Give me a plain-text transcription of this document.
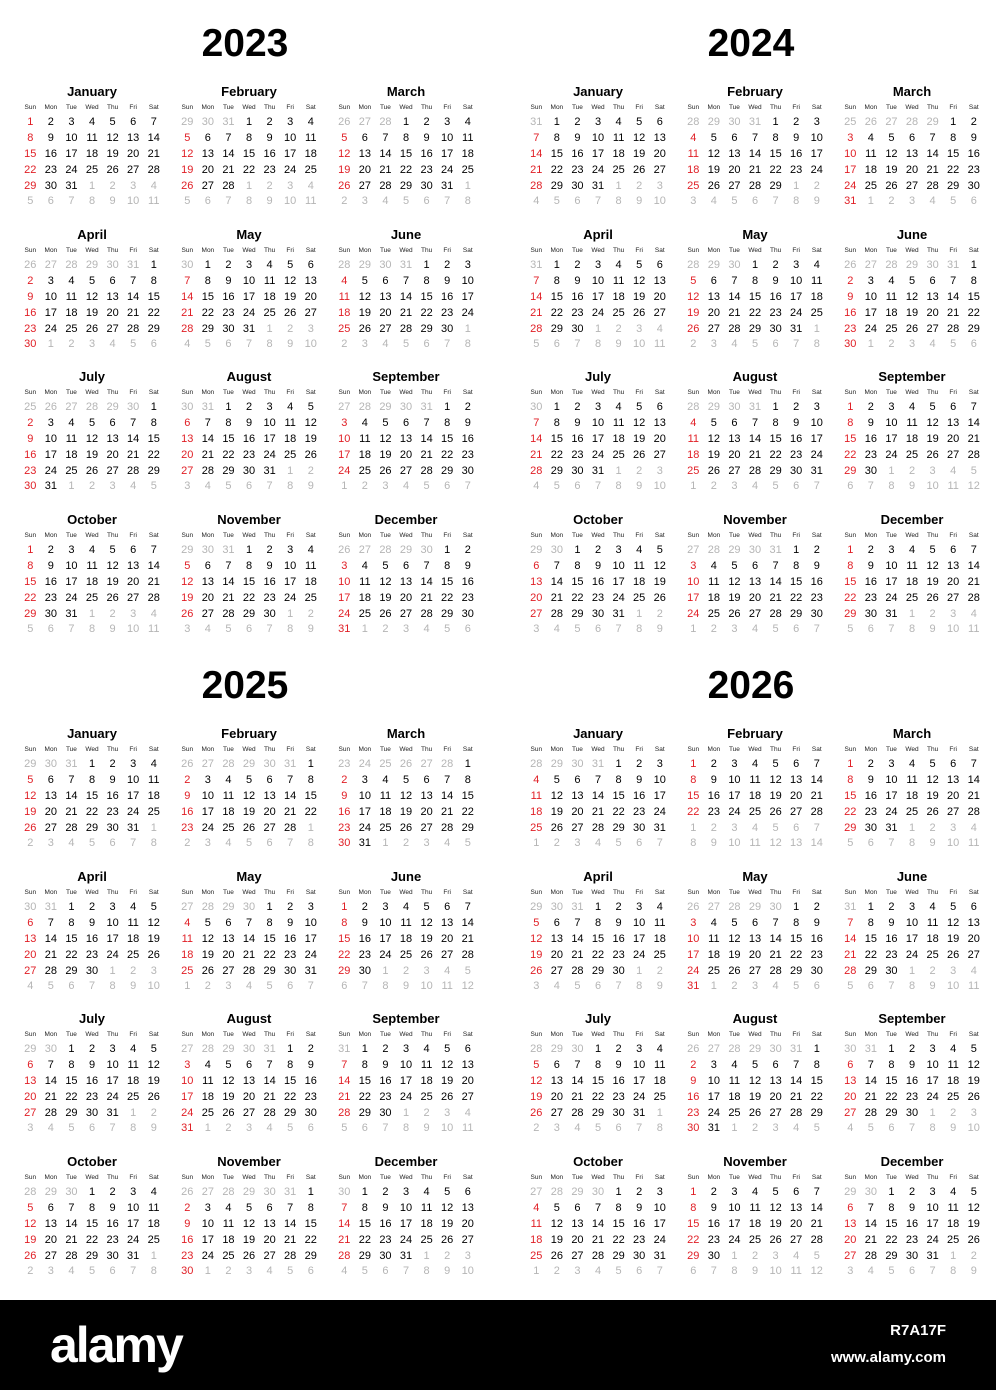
2023
January
Sun	Mon	Tue	Wed	Thu	Fri	Sat
1	2	3	4	5	6	7
8	9	10 11 12 13 14
15 16 17 18 19 20 21
22 23 24 25 26 27 28
29 30 31	1	2	3	4
5	6	7	8	9	10 11
February
Sun	Mon	Tue	Wed	Thu	Fri	Sat
29 30 31	1	2	3	4
5	6	7	8	9	10 11
12 13 14 15 16 17 18
19 20 21 22 23 24 25
26 27 28	1	2	3	4
5	6	7	8	9	10 11
March
Sun	Mon	Tue	Wed	Thu	Fri	Sat
26 27 28	1	2	3	4
5	6	7	8	9	10 11
12 13 14 15 16 17 18
19 20 21 22 23 24 25
26 27 28 29 30 31	1
2	3	4	5	6	7	8
April
Sun	Mon	Tue	Wed	Thu	Fri	Sat
26 27 28 29 30 31	1
2	3	4	5	6	7	8
9	10 11 12 13 14 15
16 17 18 19 20 21 22
23 24 25 26 27 28 29
30	1	2	3	4	5	6
May
Sun	Mon	Tue	Wed	Thu	Fri	Sat
30	1	2	3	4	5	6
7	8	9	10 11 12 13
14 15 16 17 18 19 20
21 22 23 24 25 26 27
28 29 30 31	1	2	3
4	5	6	7	8	9	10
June
Sun	Mon	Tue	Wed	Thu	Fri	Sat
28 29 30 31	1	2	3
4	5	6	7	8	9	10
11 12 13 14 15 16 17
18 19 20 21 22 23 24
25 26 27 28 29 30	1
2	3	4	5	6	7	8
July
Sun	Mon	Tue	Wed	Thu	Fri	Sat
25 26 27 28 29 30	1
2	3	4	5	6	7	8
9	10 11 12 13 14 15
16 17 18 19 20 21 22
23 24 25 26 27 28 29
30 31	1	2	3	4	5
August
Sun	Mon	Tue	Wed	Thu	Fri	Sat
30 31	1	2	3	4	5
6	7	8	9	10 11 12
13 14 15 16 17 18 19
20 21 22 23 24 25 26
27 28 29 30 31	1	2
3	4	5	6	7	8	9
September
Sun	Mon	Tue	Wed	Thu	Fri	Sat
27 28 29 30 31	1	2
3	4	5	6	7	8	9
10 11 12 13 14 15 16
17 18 19 20 21 22 23
24 25 26 27 28 29 30
1	2	3	4	5	6	7
October
Sun	Mon	Tue	Wed	Thu	Fri	Sat
1	2	3	4	5	6	7
8	9	10 11 12 13 14
15 16 17 18 19 20 21
22 23 24 25 26 27 28
29 30 31	1	2	3	4
5	6	7	8	9	10 11
November
Sun	Mon	Tue	Wed	Thu	Fri	Sat
29 30 31	1	2	3	4
5	6	7	8	9	10 11
12 13 14 15 16 17 18
19 20 21 22 23 24 25
26 27 28 29 30	1	2
3	4	5	6	7	8	9
December
Sun	Mon	Tue	Wed	Thu	Fri	Sat
26 27 28 29 30	1	2
3	4	5	6	7	8	9
10 11 12 13 14 15 16
17 18 19 20 21 22 23
24 25 26 27 28 29 30
31	1	2	3	4	5	6
2024
January
Sun	Mon	Tue	Wed	Thu	Fri	Sat
31	1	2	3	4	5	6
7	8	9	10 11 12 13
14 15 16 17 18 19 20
21 22 23 24 25 26 27
28 29 30 31	1	2	3
4	5	6	7	8	9	10
February
Sun	Mon	Tue	Wed	Thu	Fri	Sat
28 29 30 31	1	2	3
4	5	6	7	8	9	10
11 12 13 14 15 16 17
18 19 20 21 22 23 24
25 26 27 28 29	1	2
3	4	5	6	7	8	9
March
Sun	Mon	Tue	Wed	Thu	Fri	Sat
25 26 27 28 29	1	2
3	4	5	6	7	8	9
10 11 12 13 14 15 16
17 18 19 20 21 22 23
24 25 26 27 28 29 30
31	1	2	3	4	5	6
April
Sun	Mon	Tue	Wed	Thu	Fri	Sat
31	1	2	3	4	5	6
7	8	9	10 11 12 13
14 15 16 17 18 19 20
21 22 23 24 25 26 27
28 29 30	1	2	3	4
5	6	7	8	9	10 11
May
Sun	Mon	Tue	Wed	Thu	Fri	Sat
28 29 30	1	2	3	4
5	6	7	8	9	10 11
12 13 14 15 16 17 18
19 20 21 22 23 24 25
26 27 28 29 30 31	1
2	3	4	5	6	7	8
June
Sun	Mon	Tue	Wed	Thu	Fri	Sat
26 27 28 29 30 31	1
2	3	4	5	6	7	8
9	10 11 12 13 14 15
16 17 18 19 20 21 22
23 24 25 26 27 28 29
30	1	2	3	4	5	6
July
Sun	Mon	Tue	Wed	Thu	Fri	Sat
30	1	2	3	4	5	6
7	8	9	10 11 12 13
14 15 16 17 18 19 20
21 22 23 24 25 26 27
28 29 30 31	1	2	3
4	5	6	7	8	9	10
August
Sun	Mon	Tue	Wed	Thu	Fri	Sat
28 29 30 31	1	2	3
4	5	6	7	8	9	10
11 12 13 14 15 16 17
18 19 20 21 22 23 24
25 26 27 28 29 30 31
1	2	3	4	5	6	7
September
Sun	Mon	Tue	Wed	Thu	Fri	Sat
1	2	3	4	5	6	7
8	9	10 11 12 13 14
15 16 17 18 19 20 21
22 23 24 25 26 27 28
29 30	1	2	3	4	5
6	7	8	9	10 11 12
October
Sun	Mon	Tue	Wed	Thu	Fri	Sat
29 30	1	2	3	4	5
6	7	8	9	10 11 12
13 14 15 16 17 18 19
20 21 22 23 24 25 26
27 28 29 30 31	1	2
3	4	5	6	7	8	9
November
Sun	Mon	Tue	Wed	Thu	Fri	Sat
27 28 29 30 31	1	2
3	4	5	6	7	8	9
10 11 12 13 14 15 16
17 18 19 20 21 22 23
24 25 26 27 28 29 30
1	2	3	4	5	6	7
December
Sun	Mon	Tue	Wed	Thu	Fri	Sat
1	2	3	4	5	6	7
8	9	10 11 12 13 14
15 16 17 18 19 20 21
22 23 24 25 26 27 28
29 30 31	1	2	3	4
5	6	7	8	9	10 11
2025
January
Sun	Mon	Tue	Wed	Thu	Fri	Sat
29 30 31	1	2	3	4
5	6	7	8	9	10 11
12 13 14 15 16 17 18
19 20 21 22 23 24 25
26 27 28 29 30 31	1
2	3	4	5	6	7	8
February
Sun	Mon	Tue	Wed	Thu	Fri	Sat
26 27 28 29 30 31	1
2	3	4	5	6	7	8
9	10 11 12 13 14 15
16 17 18 19 20 21 22
23 24 25 26 27 28	1
2	3	4	5	6	7	8
March
Sun	Mon	Tue	Wed	Thu	Fri	Sat
23 24 25 26 27 28	1
2	3	4	5	6	7	8
9	10 11 12 13 14 15
16 17 18 19 20 21 22
23 24 25 26 27 28 29
30 31	1	2	3	4	5
April
Sun	Mon	Tue	Wed	Thu	Fri	Sat
30 31	1	2	3	4	5
6	7	8	9	10 11 12
13 14 15 16 17 18 19
20 21 22 23 24 25 26
27 28 29 30	1	2	3
4	5	6	7	8	9	10
May
Sun	Mon	Tue	Wed	Thu	Fri	Sat
27 28 29 30	1	2	3
4	5	6	7	8	9	10
11 12 13 14 15 16 17
18 19 20 21 22 23 24
25 26 27 28 29 30 31
1	2	3	4	5	6	7
June
Sun	Mon	Tue	Wed	Thu	Fri	Sat
1	2	3	4	5	6	7
8	9	10 11 12 13 14
15 16 17 18 19 20 21
22 23 24 25 26 27 28
29 30	1	2	3	4	5
6	7	8	9	10 11 12
July
Sun	Mon	Tue	Wed	Thu	Fri	Sat
29 30	1	2	3	4	5
6	7	8	9	10 11 12
13 14 15 16 17 18 19
20 21 22 23 24 25 26
27 28 29 30 31	1	2
3	4	5	6	7	8	9
August
Sun	Mon	Tue	Wed	Thu	Fri	Sat
27 28 29 30 31	1	2
3	4	5	6	7	8	9
10 11 12 13 14 15 16
17 18 19 20 21 22 23
24 25 26 27 28 29 30
31	1	2	3	4	5	6
September
Sun	Mon	Tue	Wed	Thu	Fri	Sat
31	1	2	3	4	5	6
7	8	9	10 11 12 13
14 15 16 17 18 19 20
21 22 23 24 25 26 27
28 29 30	1	2	3	4
5	6	7	8	9	10 11
October
Sun	Mon	Tue	Wed	Thu	Fri	Sat
28 29 30	1	2	3	4
5	6	7	8	9	10 11
12 13 14 15 16 17 18
19 20 21 22 23 24 25
26 27 28 29 30 31	1
2	3	4	5	6	7	8
November
Sun	Mon	Tue	Wed	Thu	Fri	Sat
26 27 28 29 30 31	1
2	3	4	5	6	7	8
9	10 11 12 13 14 15
16 17 18 19 20 21 22
23 24 25 26 27 28 29
30	1	2	3	4	5	6
December
Sun	Mon	Tue	Wed	Thu	Fri	Sat
30	1	2	3	4	5	6
7	8	9	10 11 12 13
14 15 16 17 18 19 20
21 22 23 24 25 26 27
28 29 30 31	1	2	3
4	5	6	7	8	9	10
2026
January
Sun	Mon	Tue	Wed	Thu	Fri	Sat
28 29 30 31	1	2	3
4	5	6	7	8	9	10
11 12 13 14 15 16 17
18 19 20 21 22 23 24
25 26 27 28 29 30 31
1	2	3	4	5	6	7
February
Sun	Mon	Tue	Wed	Thu	Fri	Sat
1	2	3	4	5	6	7
8	9	10 11 12 13 14
15 16 17 18 19 20 21
22 23 24 25 26 27 28
1	2	3	4	5	6	7
8	9	10 11 12 13 14
March
Sun	Mon	Tue	Wed	Thu	Fri	Sat
1	2	3	4	5	6	7
8	9	10 11 12 13 14
15 16 17 18 19 20 21
22 23 24 25 26 27 28
29 30 31	1	2	3	4
5	6	7	8	9	10 11
April
Sun	Mon	Tue	Wed	Thu	Fri	Sat
29 30 31	1	2	3	4
5	6	7	8	9	10 11
12 13 14 15 16 17 18
19 20 21 22 23 24 25
26 27 28 29 30	1	2
3	4	5	6	7	8	9
May
Sun	Mon	Tue	Wed	Thu	Fri	Sat
26 27 28 29 30	1	2
3	4	5	6	7	8	9
10 11 12 13 14 15 16
17 18 19 20 21 22 23
24 25 26 27 28 29 30
31	1	2	3	4	5	6
June
Sun	Mon	Tue	Wed	Thu	Fri	Sat
31	1	2	3	4	5	6
7	8	9	10 11 12 13
14 15 16 17 18 19 20
21 22 23 24 25 26 27
28 29 30	1	2	3	4
5	6	7	8	9	10 11
July
Sun	Mon	Tue	Wed	Thu	Fri	Sat
28 29 30	1	2	3	4
5	6	7	8	9	10 11
12 13 14 15 16 17 18
19 20 21 22 23 24 25
26 27 28 29 30 31	1
2	3	4	5	6	7	8
August
Sun	Mon	Tue	Wed	Thu	Fri	Sat
26 27 28 29 30 31	1
2	3	4	5	6	7	8
9	10 11 12 13 14 15
16 17 18 19 20 21 22
23 24 25 26 27 28 29
30 31	1	2	3	4	5
September
Sun	Mon	Tue	Wed	Thu	Fri	Sat
30 31	1	2	3	4	5
6	7	8	9	10 11 12
13 14 15 16 17 18 19
20 21 22 23 24 25 26
27 28 29 30	1	2	3
4	5	6	7	8	9	10
October
Sun	Mon	Tue	Wed	Thu	Fri	Sat
27 28 29 30	1	2	3
4	5	6	7	8	9	10
11 12 13 14 15 16 17
18 19 20 21 22 23 24
25 26 27 28 29 30 31
1	2	3	4	5	6	7
November
Sun	Mon	Tue	Wed	Thu	Fri	Sat
1	2	3	4	5	6	7
8	9	10 11 12 13 14
15 16 17 18 19 20 21
22 23 24 25 26 27 28
29 30	1	2	3	4	5
6	7	8	9	10 11 12
December
Sun	Mon	Tue	Wed	Thu	Fri	Sat
29 30	1	2	3	4	5
6	7	8	9	10 11 12
13 14 15 16 17 18 19
20 21 22 23 24 25 26
27 28 29 30 31	1	2
3	4	5	6	7	8	9
alamy	R7A17F
www.alamy.com
